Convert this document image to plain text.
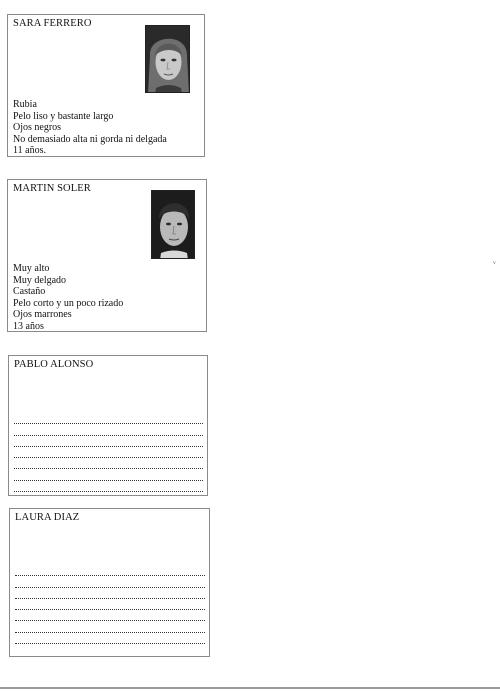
SARA FERRERO
Rubia
Pelo liso y bastante largo
Ojos negros
No demasiado alta ni gorda ni delgada
11 años.
MARTIN SOLER
Muy alto
Muy delgado
Castaño
Pelo corto y un poco rizado
Ojos marrones
13 años
PABLO ALONSO
LAURA DIAZ
ᵥ
